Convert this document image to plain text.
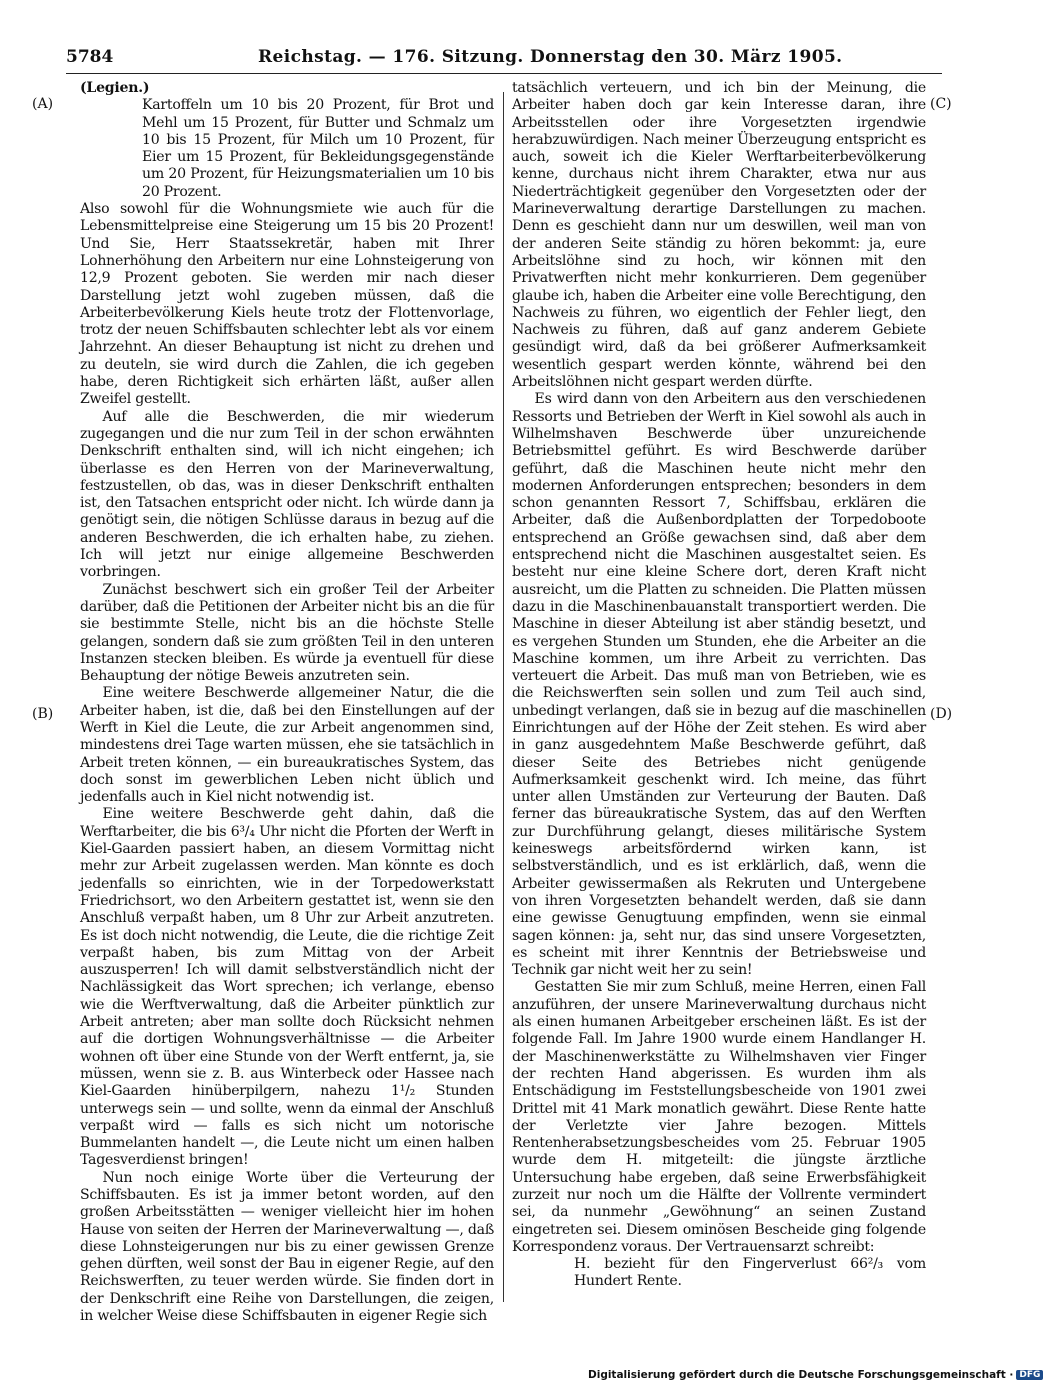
5784	Reichstag. — 176. Sitzung. Donnerstag den 30. März 1905.
(A)
(B)
(C)
(D)

(Legien.)

Kartoffeln um 10 bis 20 Prozent, für Brot und Mehl um 15 Prozent, für Butter und Schmalz um 10 bis 15 Prozent, für Milch um 10 Prozent, für Eier um 15 Prozent, für Bekleidungsgegenstände um 20 Prozent, für Heizungsmaterialien um 10 bis 20 Prozent.

Also sowohl für die Wohnungsmiete wie auch für die Lebensmittelpreise eine Steigerung um 15 bis 20 Prozent! Und Sie, Herr Staatssekretär, haben mit Ihrer Lohnerhöhung den Arbeitern nur eine Lohnsteigerung von 12,9 Prozent geboten. Sie werden mir nach dieser Darstellung jetzt wohl zugeben müssen, daß die Arbeiterbevölkerung Kiels heute trotz der Flottenvorlage, trotz der neuen Schiffsbauten schlechter lebt als vor einem Jahrzehnt. An dieser Behauptung ist nicht zu drehen und zu deuteln, sie wird durch die Zahlen, die ich gegeben habe, deren Richtigkeit sich erhärten läßt, außer allen Zweifel gestellt.

Auf alle die Beschwerden, die mir wiederum zugegangen und die nur zum Teil in der schon erwähnten Denkschrift enthalten sind, will ich nicht eingehen; ich überlasse es den Herren von der Marineverwaltung, festzustellen, ob das, was in dieser Denkschrift enthalten ist, den Tatsachen entspricht oder nicht. Ich würde dann ja genötigt sein, die nötigen Schlüsse daraus in bezug auf die anderen Beschwerden, die ich erhalten habe, zu ziehen. Ich will jetzt nur einige allgemeine Beschwerden vorbringen.

Zunächst beschwert sich ein großer Teil der Arbeiter darüber, daß die Petitionen der Arbeiter nicht bis an die für sie bestimmte Stelle, nicht bis an die höchste Stelle gelangen, sondern daß sie zum größten Teil in den unteren Instanzen stecken bleiben. Es würde ja eventuell für diese Behauptung der nötige Beweis anzutreten sein.

Eine weitere Beschwerde allgemeiner Natur, die die Arbeiter haben, ist die, daß bei den Einstellungen auf der Werft in Kiel die Leute, die zur Arbeit angenommen sind, mindestens drei Tage warten müssen, ehe sie tatsächlich in Arbeit treten können, — ein bureaukratisches System, das doch sonst im gewerblichen Leben nicht üblich und jedenfalls auch in Kiel nicht notwendig ist.

Eine weitere Beschwerde geht dahin, daß die Werftarbeiter, die bis 6³/₄ Uhr nicht die Pforten der Werft in Kiel-Gaarden passiert haben, an diesem Vormittag nicht mehr zur Arbeit zugelassen werden. Man könnte es doch jedenfalls so einrichten, wie in der Torpedowerkstatt Friedrichsort, wo den Arbeitern gestattet ist, wenn sie den Anschluß verpaßt haben, um 8 Uhr zur Arbeit anzutreten. Es ist doch nicht notwendig, die Leute, die die richtige Zeit verpaßt haben, bis zum Mittag von der Arbeit auszusperren! Ich will damit selbstverständlich nicht der Nachlässigkeit das Wort sprechen; ich verlange, ebenso wie die Werftverwaltung, daß die Arbeiter pünktlich zur Arbeit antreten; aber man sollte doch Rücksicht nehmen auf die dortigen Wohnungsverhältnisse — die Arbeiter wohnen oft über eine Stunde von der Werft entfernt, ja, sie müssen, wenn sie z. B. aus Winterbeck oder Hassee nach Kiel-Gaarden hinüberpilgern, nahezu 1¹/₂ Stunden unterwegs sein — und sollte, wenn da einmal der Anschluß verpaßt wird — falls es sich nicht um notorische Bummelanten handelt —, die Leute nicht um einen halben Tagesverdienst bringen!

Nun noch einige Worte über die Verteurung der Schiffsbauten. Es ist ja immer betont worden, auf den großen Arbeitsstätten — weniger vielleicht hier im hohen Hause von seiten der Herren der Marineverwaltung —, daß diese Lohnsteigerungen nur bis zu einer gewissen Grenze gehen dürften, weil sonst der Bau in eigener Regie, auf den Reichswerften, zu teuer werden würde. Sie finden dort in der Denkschrift eine Reihe von Darstellungen, die zeigen, in welcher Weise diese Schiffsbauten in eigener Regie sich

tatsächlich verteuern, und ich bin der Meinung, die Arbeiter haben doch gar kein Interesse daran, ihre Arbeitsstellen oder ihre Vorgesetzten irgendwie herabzuwürdigen. Nach meiner Überzeugung entspricht es auch, soweit ich die Kieler Werftarbeiterbevölkerung kenne, durchaus nicht ihrem Charakter, etwa nur aus Niederträchtigkeit gegenüber den Vorgesetzten oder der Marineverwaltung derartige Darstellungen zu machen. Denn es geschieht dann nur um deswillen, weil man von der anderen Seite ständig zu hören bekommt: ja, eure Arbeitslöhne sind zu hoch, wir können mit den Privatwerften nicht mehr konkurrieren. Dem gegenüber glaube ich, haben die Arbeiter eine volle Berechtigung, den Nachweis zu führen, wo eigentlich der Fehler liegt, den Nachweis zu führen, daß auf ganz anderem Gebiete gesündigt wird, daß da bei größerer Aufmerksamkeit wesentlich gespart werden könnte, während bei den Arbeitslöhnen nicht gespart werden dürfte.

Es wird dann von den Arbeitern aus den verschiedenen Ressorts und Betrieben der Werft in Kiel sowohl als auch in Wilhelmshaven Beschwerde über unzureichende Betriebsmittel geführt. Es wird Beschwerde darüber geführt, daß die Maschinen heute nicht mehr den modernen Anforderungen entsprechen; besonders in dem schon genannten Ressort 7, Schiffsbau, erklären die Arbeiter, daß die Außenbordplatten der Torpedoboote entsprechend an Größe gewachsen sind, daß aber dem entsprechend nicht die Maschinen ausgestaltet seien. Es besteht nur eine kleine Schere dort, deren Kraft nicht ausreicht, um die Platten zu schneiden. Die Platten müssen dazu in die Maschinenbauanstalt transportiert werden. Die Maschine in dieser Abteilung ist aber ständig besetzt, und es vergehen Stunden um Stunden, ehe die Arbeiter an die Maschine kommen, um ihre Arbeit zu verrichten. Das verteuert die Arbeit. Das muß man von Betrieben, wie es die Reichswerften sein sollen und zum Teil auch sind, unbedingt verlangen, daß sie in bezug auf die maschinellen Einrichtungen auf der Höhe der Zeit stehen. Es wird aber in ganz ausgedehntem Maße Beschwerde geführt, daß dieser Seite des Betriebes nicht genügende Aufmerksamkeit geschenkt wird. Ich meine, das führt unter allen Umständen zur Verteurung der Bauten. Daß ferner das büreaukratische System, das auf den Werften zur Durchführung gelangt, dieses militärische System keineswegs arbeitsfördernd wirken kann, ist selbstverständlich, und es ist erklärlich, daß, wenn die Arbeiter gewissermaßen als Rekruten und Untergebene von ihren Vorgesetzten behandelt werden, daß sie dann eine gewisse Genugtuung empfinden, wenn sie einmal sagen können: ja, seht nur, das sind unsere Vorgesetzten, es scheint mit ihrer Kenntnis der Betriebsweise und Technik gar nicht weit her zu sein!

Gestatten Sie mir zum Schluß, meine Herren, einen Fall anzuführen, der unsere Marineverwaltung durchaus nicht als einen humanen Arbeitgeber erscheinen läßt. Es ist der folgende Fall. Im Jahre 1900 wurde einem Handlanger H. der Maschinenwerkstätte zu Wilhelmshaven vier Finger der rechten Hand abgerissen. Es wurden ihm als Entschädigung im Feststellungsbescheide von 1901 zwei Drittel mit 41 Mark monatlich gewährt. Diese Rente hatte der Verletzte vier Jahre bezogen. Mittels Rentenherabsetzungsbescheides vom 25. Februar 1905 wurde dem H. mitgeteilt: die jüngste ärztliche Untersuchung habe ergeben, daß seine Erwerbsfähigkeit zurzeit nur noch um die Hälfte der Vollrente vermindert sei, da nunmehr „Gewöhnung“ an seinen Zustand eingetreten sei. Diesem ominösen Bescheide ging folgende Korrespondenz voraus. Der Vertrauensarzt schreibt:

H. bezieht für den Fingerverlust 66²/₃ vom Hundert Rente.

Digitalisierung gefördert durch die Deutsche Forschungsgemeinschaft · DFG
